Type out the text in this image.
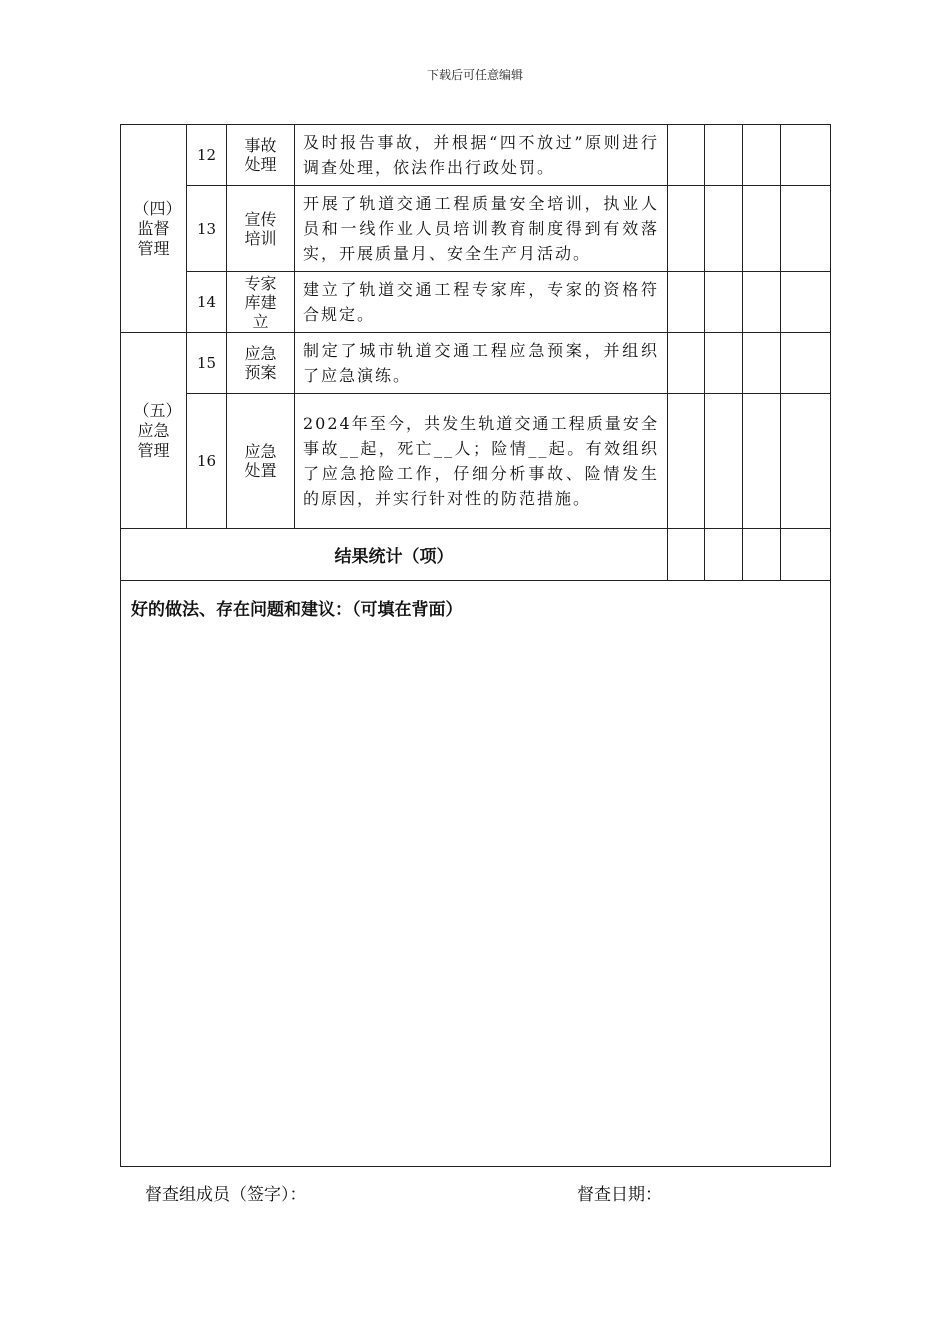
下载后可任意编辑
（四）监督管理	12	事故处理	及时报告事故，并根据“四不放过”原则进行调查处理，依法作出行政处罚。				
	13	宣传培训	开展了轨道交通工程质量安全培训，执业人员和一线作业人员培训教育制度得到有效落实，开展质量月、安全生产月活动。				
	14	专家库建立	建立了轨道交通工程专家库，专家的资格符合规定。				
（五）应急管理	15	应急预案	制定了城市轨道交通工程应急预案，并组织了应急演练。				
	16	应急处置	2024年至今，共发生轨道交通工程质量安全事故__起，死亡__人；险情__起。有效组织了应急抢险工作，仔细分析事故、险情发生的原因，并实行针对性的防范措施。				
结果统计（项）							
好的做法、存在问题和建议：（可填在背面）							
督查组成员（签字）：	督查日期：
